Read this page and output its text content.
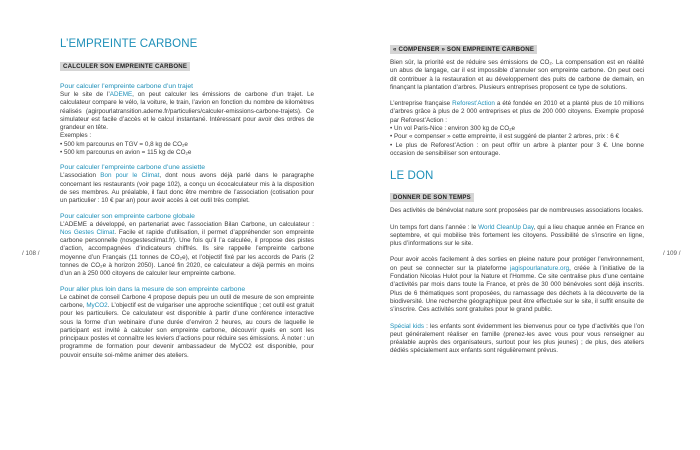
/ 108 /	/ 109 /
L’EMPREINTE CARBONE
CALCULER SON EMPREINTE CARBONE
Pour calculer l’empreinte carbone d’un trajet

Sur le site de l’ADEME, on peut calculer les émissions de carbone d’un trajet. Le calculateur compare le vélo, la voiture, le train, l’avion en fonction du nombre de kilomètres réalisés (agirpourlatransition.ademe.fr/particuliers/calculer-emissions-carbone-trajets). Ce simulateur est facile d’accès et le calcul instantané. Intéressant pour avoir des ordres de grandeur en tête.

Exemples :

• 500 km parcourus en TGV = 0,8 kg de CO₂e

• 500 km parcourus en avion = 115 kg de CO₂e

Pour calculer l’empreinte carbone d’une assiette

L’association Bon pour le Climat, dont nous avons déjà parlé dans le paragraphe concernant les restaurants (voir page 102), a conçu un écocalculateur mis à la disposition de ses membres. Au préalable, il faut donc être membre de l’association (cotisation pour un particulier : 10 € par an) pour avoir accès à cet outil très complet.

Pour calculer son empreinte carbone globale

L’ADEME a développé, en partenariat avec l’association Bilan Carbone, un calculateur : Nos Gestes Climat. Facile et rapide d’utilisation, il permet d’appréhender son empreinte carbone personnelle (nosgestesclimat.fr). Une fois qu’il l’a calculée, il propose des pistes d’action, accompagnées d’indicateurs chiffrés. Ils sire rappelle l’empreinte carbone moyenne d’un Français (11 tonnes de CO₂e), et l’objectif fixé par les accords de Paris (2 tonnes de CO₂e à horizon 2050). Lancé fin 2020, ce calculateur a déjà permis en moins d’un an à 250 000 citoyens de calculer leur empreinte carbone.

Pour aller plus loin dans la mesure de son empreinte carbone

Le cabinet de conseil Carbone 4 propose depuis peu un outil de mesure de son empreinte carbone, MyCO2. L’objectif est de vulgariser une approche scientifique ; cet outil est gratuit pour les particuliers. Ce calculateur est disponible à partir d’une conférence interactive sous la forme d’un webinaire d’une durée d’environ 2 heures, au cours de laquelle le participant est invité à calculer son empreinte carbone, découvrir quels en sont les principaux postes et connaître les leviers d’actions pour réduire ses émissions. À noter : un programme de formation pour devenir ambassadeur de MyCO2 est disponible, pour pouvoir ensuite soi-même animer des ateliers.

« COMPENSER » SON EMPREINTE CARBONE

Bien sûr, la priorité est de réduire ses émissions de CO₂. La compensation est en réalité un abus de langage, car il est impossible d’annuler son empreinte carbone. On peut ceci dit contribuer à la restauration et au développement des puits de carbone de demain, en finançant la plantation d’arbres. Plusieurs entreprises proposent ce type de solutions.

L’entreprise française Reforest’Action a été fondée en 2010 et a planté plus de 10 millions d’arbres grâce à plus de 2 000 entreprises et plus de 200 000 citoyens. Exemple proposé par Reforest’Action :

• Un vol Paris-Nice : environ 300 kg de CO₂e

• Pour « compenser » cette empreinte, il est suggéré de planter 2 arbres, prix : 6 €

• Le plus de Reforest’Action : on peut offrir un arbre à planter pour 3 €. Une bonne occasion de sensibiliser son entourage.

LE DON
DONNER DE SON TEMPS

Des activités de bénévolat nature sont proposées par de nombreuses associations locales.

Un temps fort dans l’année : le World CleanUp Day, qui a lieu chaque année en France en septembre, et qui mobilise très fortement les citoyens. Possibilité de s’inscrire en ligne, plus d’informations sur le site.

Pour avoir accès facilement à des sorties en pleine nature pour protéger l’environnement, on peut se connecter sur la plateforme jagispourlanature.org, créée à l’initiative de la Fondation Nicolas Hulot pour la Nature et l’Homme. Ce site centralise plus d’une centaine d’activités par mois dans toute la France, et près de 30 000 bénévoles sont déjà inscrits. Plus de 6 thématiques sont proposées, du ramassage des déchets à la découverte de la biodiversité. Une recherche géographique peut être effectuée sur le site, il suffit ensuite de s’inscrire. Ces activités sont gratuites pour le grand public.

Spécial kids : les enfants sont évidemment les bienvenus pour ce type d’activités que l’on peut généralement réaliser en famille (prenez-les avec vous pour vous renseigner au préalable auprès des organisateurs, surtout pour les plus jeunes) ; de plus, des ateliers dédiés spécialement aux enfants sont régulièrement prévus.
